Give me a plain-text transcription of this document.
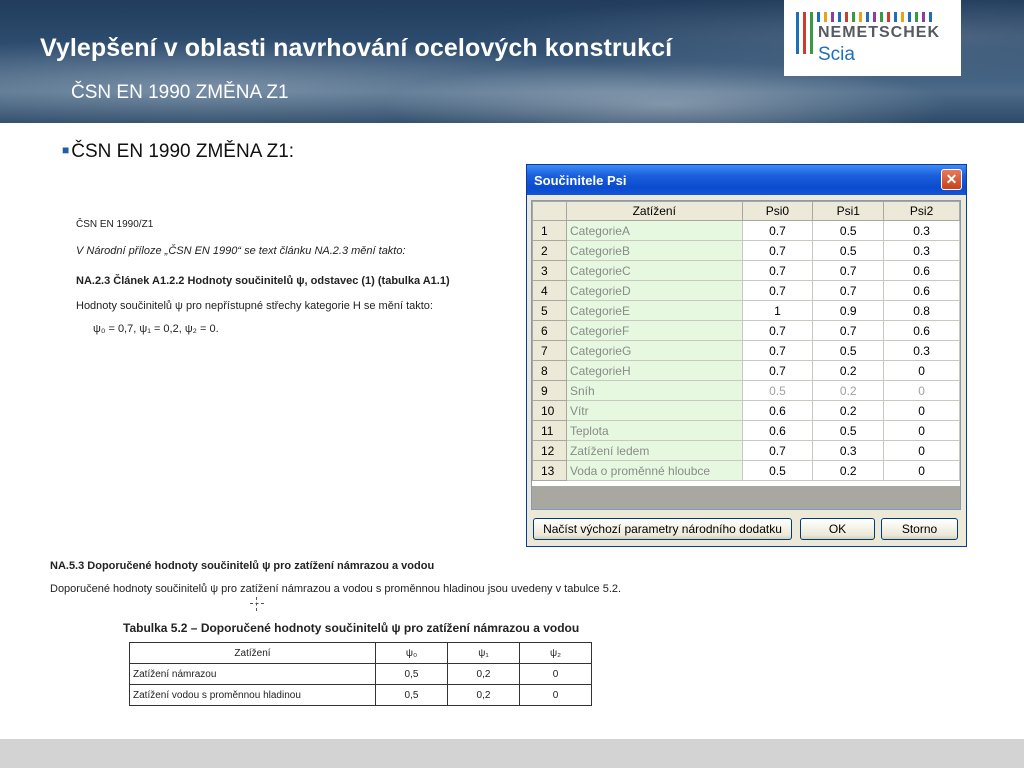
Vylepšení v oblasti navrhování ocelových konstrukcí
ČSN EN 1990 ZMĚNA Z1
NEMETSCHEK
Scia
■ ČSN EN 1990 ZMĚNA Z1:
ČSN EN 1990/Z1
V Národní příloze „ČSN EN 1990“ se text článku NA.2.3 mění takto:
NA.2.3 Článek A1.2.2 Hodnoty součinitelů ψ, odstavec (1) (tabulka A1.1)
Hodnoty součinitelů ψ pro nepřístupné střechy kategorie H se mění takto:
ψ₀ = 0,7, ψ₁ = 0,2, ψ₂ = 0.
NA.5.3 Doporučené hodnoty součinitelů ψ pro zatížení námrazou a vodou
Doporučené hodnoty součinitelů ψ pro zatížení námrazou a vodou s proměnnou hladinou jsou uvedeny v tabulce 5.2.
Tabulka 5.2 – Doporučené hodnoty součinitelů ψ pro zatížení námrazou a vodou
Zatížení	ψ₀	ψ₁	ψ₂
Zatížení námrazou	0,5	0,2	0
Zatížení vodou s proměnnou hladinou	0,5	0,2	0
Součinitele Psi	✕
	Zatížení	Psi0	Psi1	Psi2
1	CategorieA	0.7	0.5	0.3
2	CategorieB	0.7	0.5	0.3
3	CategorieC	0.7	0.7	0.6
4	CategorieD	0.7	0.7	0.6
5	CategorieE	1	0.9	0.8
6	CategorieF	0.7	0.7	0.6
7	CategorieG	0.7	0.5	0.3
8	CategorieH	0.7	0.2	0
9	Sníh	0.5	0.2	0
10	Vítr	0.6	0.2	0
11	Teplota	0.6	0.5	0
12	Zatížení ledem	0.7	0.3	0
13	Voda o proměnné hloubce	0.5	0.2	0
Načíst výchozí parametry národního dodatku	OK	Storno
